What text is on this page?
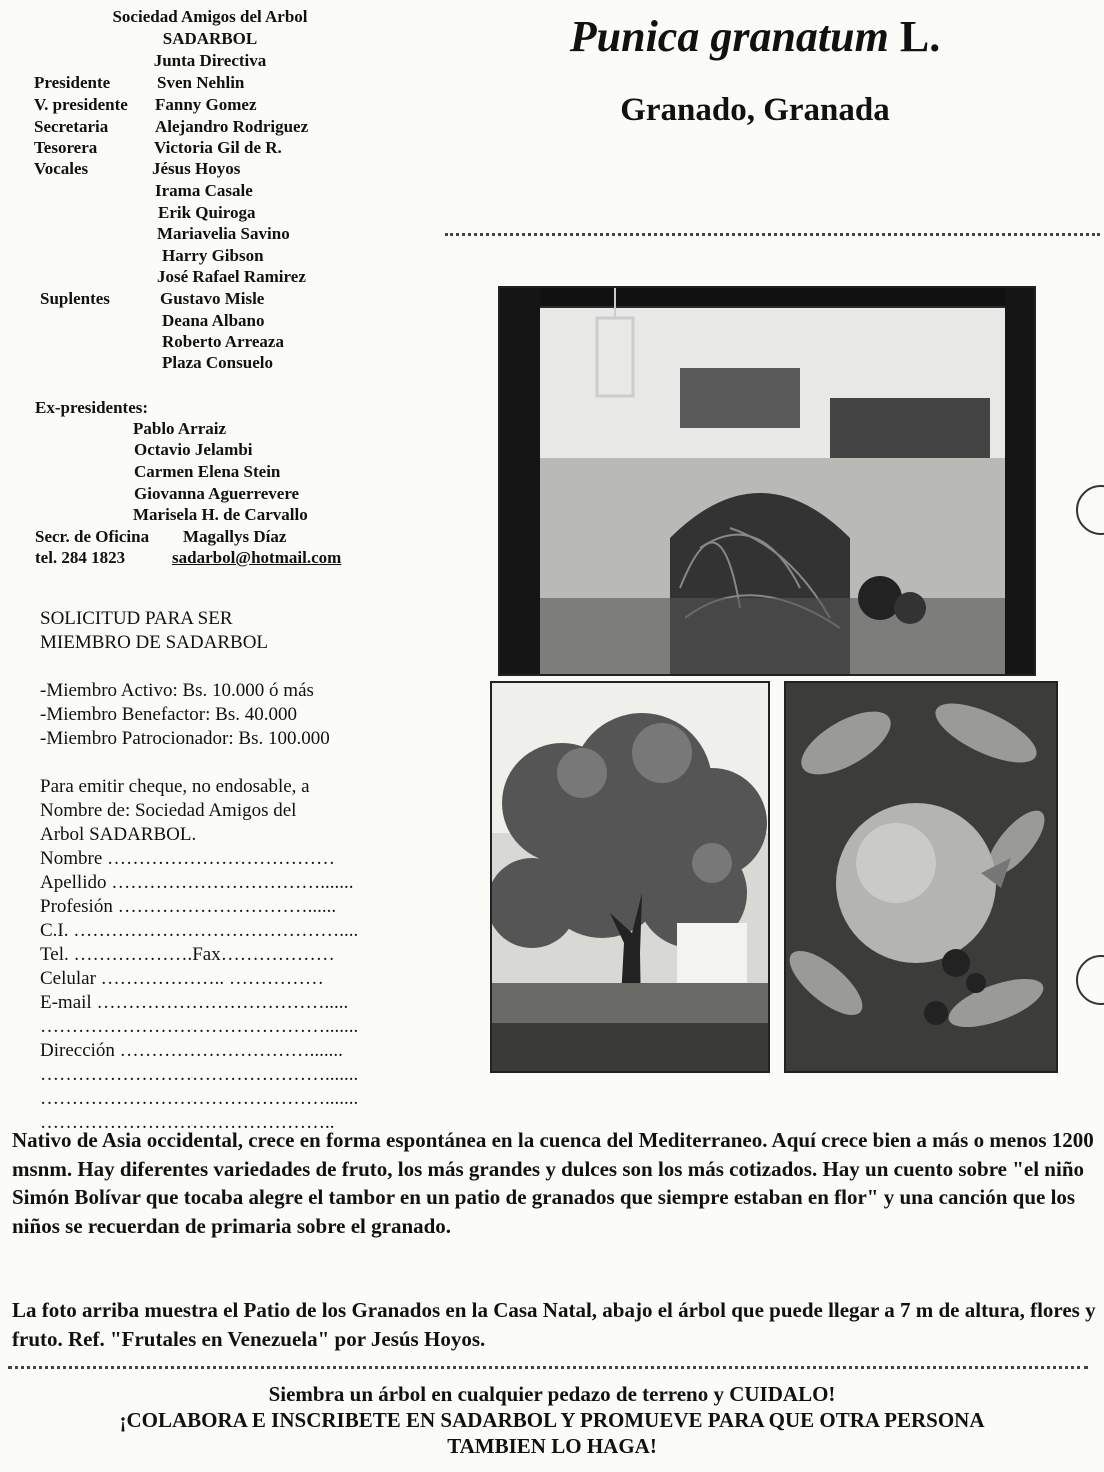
Sociedad Amigos del Arbol
SADARBOL
Junta Directiva
Presidente	Sven Nehlin
V. presidente Fanny Gomez
Secretaria	Alejandro Rodriguez
Tesorera	Victoria Gil de R.
Vocales	Jésus Hoyos
Irama Casale
Erik Quiroga
Mariavelia Savino
Harry Gibson
José Rafael Ramirez
Suplentes	Gustavo Misle
Deana Albano
Roberto Arreaza
Plaza Consuelo
Ex-presidentes:
Pablo Arraiz
Octavio Jelambi
Carmen Elena Stein
Giovanna Aguerrevere
Marisela H. de Carvallo
Secr. de Oficina Magallys Díaz
tel. 284 1823	sadarbol@hotmail.com
Punica granatum L.
Granado, Granada
SOLICITUD PARA SER
MIEMBRO DE SADARBOL
-Miembro Activo: Bs. 10.000 ó más
-Miembro Benefactor: Bs. 40.000
-Miembro Patrocionador: Bs. 100.000
Para emitir cheque, no endosable, a
Nombre de: Sociedad Amigos del
Arbol SADARBOL.
Nombre ………………………………
Apellido …………………………….......
Profesión …………………………......
C.I. ……………………………………....
Tel. ……………….Fax………………
Celular ……………….. ……………
E-mail ……………………………….....
……………………………………….......
Dirección ………………………….......
……………………………………….......
……………………………………….......
………………………………………..
Nativo de Asia occidental, crece en forma espontánea en la cuenca del Mediterraneo. Aquí crece bien a más o menos 1200 msnm. Hay diferentes variedades de fruto, los más grandes y dulces son los más cotizados. Hay un cuento sobre "el niño Simón Bolívar que tocaba alegre el tambor en un patio de granados que siempre estaban en flor" y una canción que los niños se recuerdan de primaria sobre el granado.
La foto arriba muestra el Patio de los Granados en la Casa Natal, abajo el árbol que puede llegar a 7 m de altura, flores y fruto. Ref. "Frutales en Venezuela" por Jesús Hoyos.
Siembra un árbol en cualquier pedazo de terreno y CUIDALO!
¡COLABORA E INSCRIBETE EN SADARBOL Y PROMUEVE PARA QUE OTRA PERSONA
TAMBIEN LO HAGA!
